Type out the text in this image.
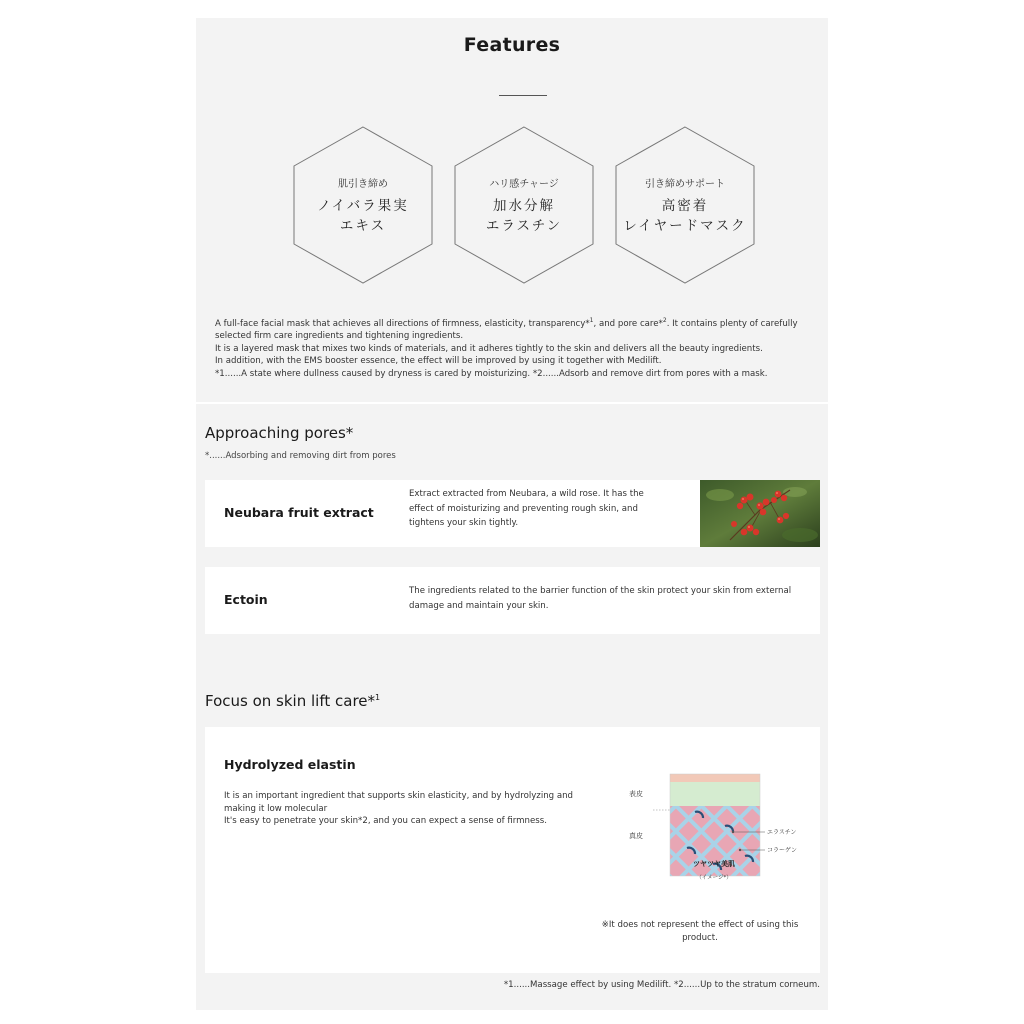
Features
肌引き締め
ノイバラ果実
エキス
ハリ感チャージ
加水分解
エラスチン
引き締めサポート
高密着
レイヤードマスク
A full-face facial mask that achieves all directions of firmness, elasticity, transparency*$^1$, and pore care*$^2$. It contains plenty of carefully selected firm care ingredients and tightening ingredients.
It is a layered mask that mixes two kinds of materials, and it adheres tightly to the skin and delivers all the beauty ingredients.
In addition, with the EMS booster essence, the effect will be improved by using it together with Medilift.
*1......A state where dullness caused by dryness is cared by moisturizing. *2......Adsorb and remove dirt from pores with a mask.
Approaching pores*
*......Adsorbing and removing dirt from pores
Neubara fruit extract
Extract extracted from Neubara, a wild rose. It has the effect of moisturizing and preventing rough skin, and tightens your skin tightly.
Ectoin
The ingredients related to the barrier function of the skin protect your skin from external damage and maintain your skin.
Focus on skin lift care*$^1$
Hydrolyzed elastin
It is an important ingredient that supports skin elasticity, and by hydrolyzing and making it low molecular
It's easy to penetrate your skin*2, and you can expect a sense of firmness.
表皮
真皮	エラスチン
コラーゲン
ツヤツヤ美肌
（イメージ*）
※It does not represent the effect of using this product.
*1......Massage effect by using Medilift. *2......Up to the stratum corneum.
